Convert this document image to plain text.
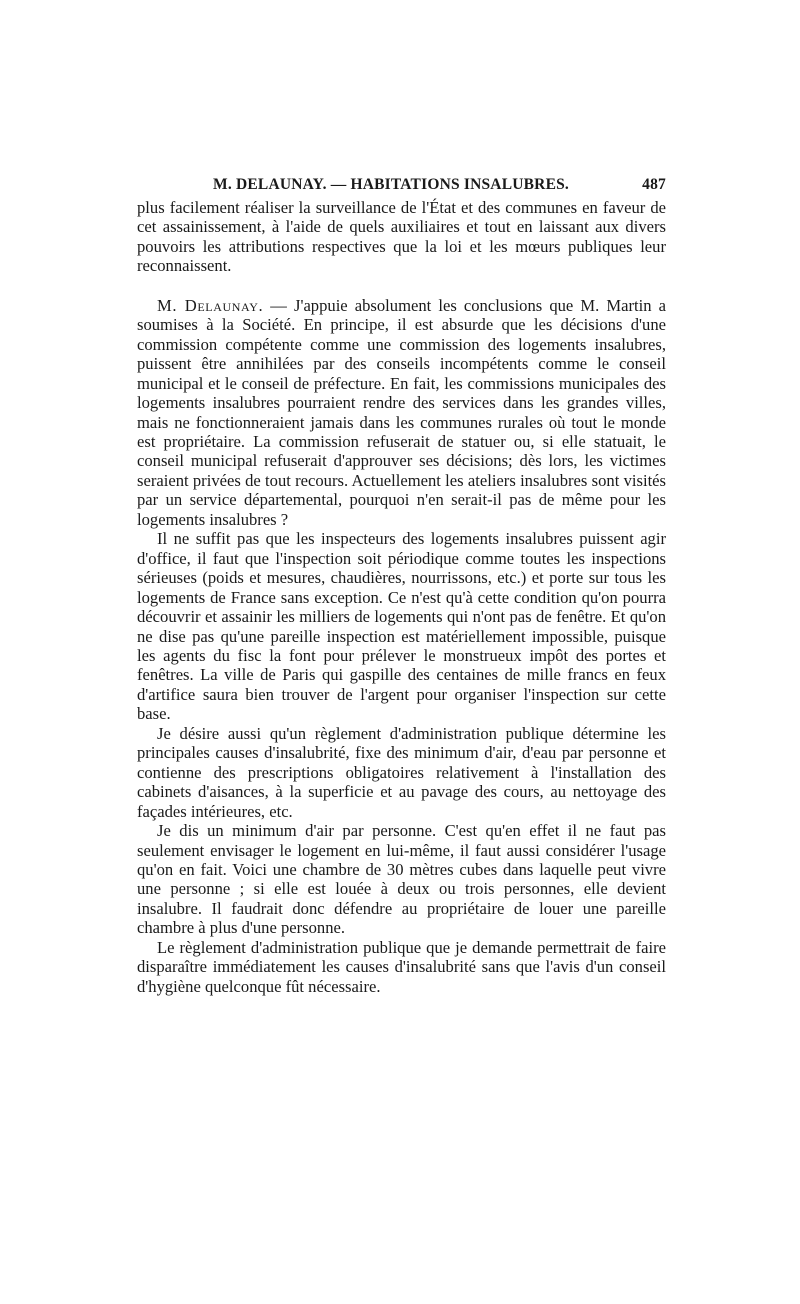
M. DELAUNAY. — HABITATIONS INSALUBRES.	487

plus facilement réaliser la surveillance de l'État et des communes en faveur de cet assainissement, à l'aide de quels auxiliaires et tout en laissant aux divers pouvoirs les attributions respectives que la loi et les mœurs publiques leur reconnaissent.

M. Delaunay. — J'appuie absolument les conclusions que M. Martin a soumises à la Société. En principe, il est absurde que les décisions d'une commission compétente comme une commission des logements insalubres, puissent être annihilées par des conseils incompétents comme le conseil municipal et le conseil de préfecture. En fait, les commissions municipales des logements insalubres pourraient rendre des services dans les grandes villes, mais ne fonctionneraient jamais dans les communes rurales où tout le monde est propriétaire. La commission refuserait de statuer ou, si elle statuait, le conseil municipal refuserait d'approuver ses décisions; dès lors, les victimes seraient privées de tout recours. Actuellement les ateliers insalubres sont visités par un service départemental, pourquoi n'en serait-il pas de même pour les logements insalubres ?

Il ne suffit pas que les inspecteurs des logements insalubres puissent agir d'office, il faut que l'inspection soit périodique comme toutes les inspections sérieuses (poids et mesures, chaudières, nourrissons, etc.) et porte sur tous les logements de France sans exception. Ce n'est qu'à cette condition qu'on pourra découvrir et assainir les milliers de logements qui n'ont pas de fenêtre. Et qu'on ne dise pas qu'une pareille inspection est matériellement impossible, puisque les agents du fisc la font pour prélever le monstrueux impôt des portes et fenêtres. La ville de Paris qui gaspille des centaines de mille francs en feux d'artifice saura bien trouver de l'argent pour organiser l'inspection sur cette base.

Je désire aussi qu'un règlement d'administration publique détermine les principales causes d'insalubrité, fixe des minimum d'air, d'eau par personne et contienne des prescriptions obligatoires relativement à l'installation des cabinets d'aisances, à la superficie et au pavage des cours, au nettoyage des façades intérieures, etc.

Je dis un minimum d'air par personne. C'est qu'en effet il ne faut pas seulement envisager le logement en lui-même, il faut aussi considérer l'usage qu'on en fait. Voici une chambre de 30 mètres cubes dans laquelle peut vivre une personne ; si elle est louée à deux ou trois personnes, elle devient insalubre. Il faudrait donc défendre au propriétaire de louer une pareille chambre à plus d'une personne.

Le règlement d'administration publique que je demande permettrait de faire disparaître immédiatement les causes d'insalubrité sans que l'avis d'un conseil d'hygiène quelconque fût nécessaire.
